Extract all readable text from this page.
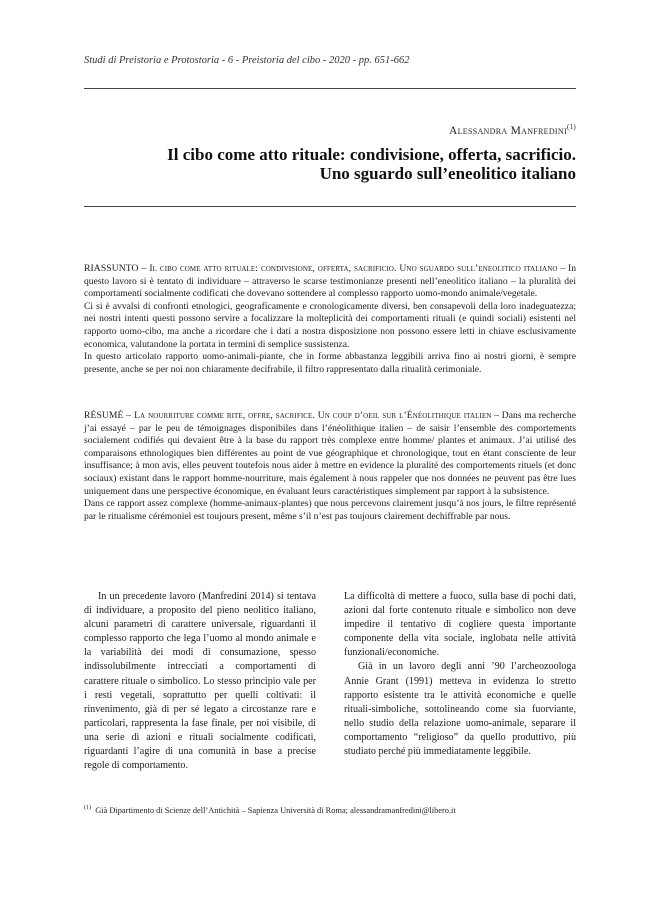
Studi di Preistoria e Protostoria - 6 - Preistoria del cibo - 2020 - pp. 651-662
Alessandra Manfredini$^{(1)}$
Il cibo come atto rituale: condivisione, offerta, sacrificio.
Uno sguardo sull’eneolitico italiano

RIASSUNTO – Il cibo come atto rituale: condivisione, offerta, sacrificio. Uno sguardo sull’eneolitico italiano – In questo lavoro si è tentato di individuare – attraverso le scarse testimonianze presenti nell’eneolitico italiano – la pluralità dei comportamenti socialmente codificati che dovevano sottendere al complesso rapporto uomo-mondo animale/vegetale.

Ci si è avvalsi di confronti etnologici, geograficamente e cronologicamente diversi, ben consapevoli della loro inadeguatezza; nei nostri intenti questi possono servire a focalizzare la molteplicità dei comportamenti rituali (e quindi sociali) esistenti nel rapporto uomo-cibo, ma anche a ricordare che i dati a nostra disposizione non possono essere letti in chiave esclusivamente economica, valutandone la portata in termini di semplice sussistenza.

In questo articolato rapporto uomo-animali-piante, che in forme abbastanza leggibili arriva fino ai nostri giorni, è sempre presente, anche se per noi non chiaramente decifrabile, il filtro rappresentato dalla ritualità cerimoniale.

RÉSUMÉ – La nourriture comme rite, offre, sacrifice. Un coup d’oeil sur l’Énéolithique italien – Dans ma recherche j’ai essayé – par le peu de témoignages disponibiles dans l’énéolithique italien – de saisir l’ensemble des comportements socialement codifiés qui devaient être à la base du rapport très complexe entre homme/ plantes et animaux. J’ai utilisé des comparaisons ethnologiques bien différentes au point de vue géographique et chronologique, tout en étant consciente de leur insuffisance; à mon avis, elles peuvent toutefois nous aider à mettre en evidence la pluralité des comportements rituels (et donc sociaux) existant dans le rapport homme-nourriture, mais également à nous rappeler que nos données ne peuvent pas être lues uniquement dans une perspective économique, en évaluant leurs caractéristiques simplement par rapport à la subsistence.

Dans ce rapport assez complexe (homme-animaux-plantes) que nous percevons clairement jusqu’à nos jours, le filtre représenté par le ritualisme cérémoniel est toujours present, même s’il n’est pas toujours clairement dechiffrable par nous.

In un precedente lavoro (Manfredini 2014) si tentava di individuare, a proposito del pieno neolitico italiano, alcuni parametri di carattere universale, riguardanti il complesso rapporto che lega l’uomo al mondo animale e la variabilità dei modi di consumazione, spesso indissolubilmente intrecciati a comportamenti di carattere rituale o simbolico. Lo stesso principio vale per i resti vegetali, soprattutto per quelli coltivati: il rinvenimento, già di per sé legato a circostanze rare e particolari, rappresenta la fase finale, per noi visibile, di una serie di azioni e rituali socialmente codificati, riguardanti l’agire di una comunità in base a precise regole di comportamento.

La difficoltà di mettere a fuoco, sulla base di pochi dati, azioni dal forte contenuto rituale e simbolico non deve impedire il tentativo di cogliere questa importante componente della vita sociale, inglobata nelle attività funzionali/economiche.

Già in un lavoro degli anni ’90 l’archeozoologa Annie Grant (1991) metteva in evidenza lo stretto rapporto esistente tra le attività economiche e quelle rituali-simboliche, sottolineando come sia fuorviante, nello studio della relazione uomo-animale, separare il comportamento “religioso” da quello produttivo, più studiato perché più immediatamente leggibile.

$^{(1)}$ Già Dipartimento di Scienze dell’Antichità – Sapienza Università di Roma; alessandramanfredini@libero.it
